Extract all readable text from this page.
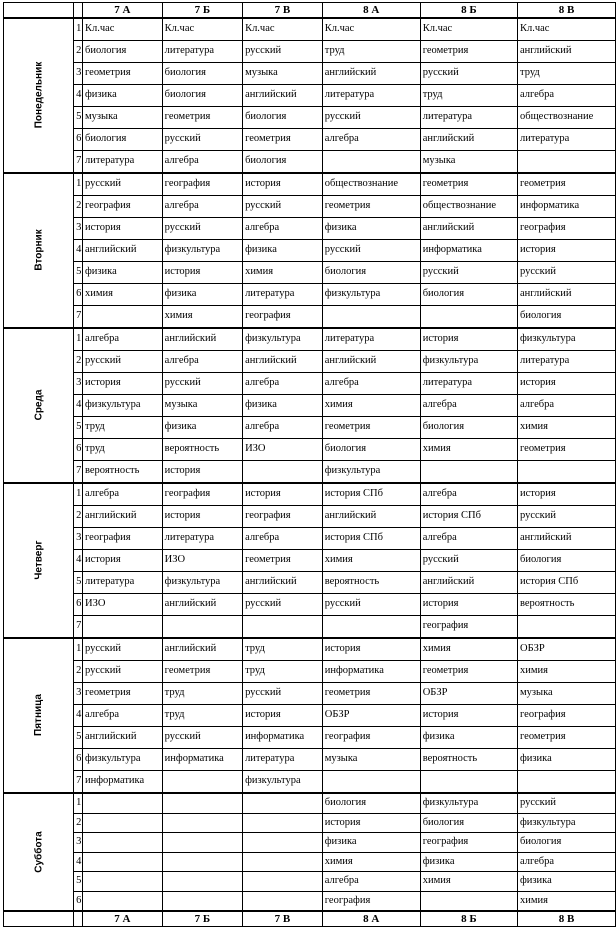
		7 А	7 Б	7 В	8 А	8 Б	8 В
Понедельник	1	Кл.час	Кл.час	Кл.час	Кл.час	Кл.час	Кл.час
	2	биология	литература	русский	труд	геометрия	английский
	3	геометрия	биология	музыка	английский	русский	труд
	4	физика	биология	английский	литература	труд	алгебра
	5	музыка	геометрия	биология	русский	литература	обществознание
	6	биология	русский	геометрия	алгебра	английский	литература
	7	литература	алгебра	биология		музыка	
Вторник	1	русский	география	история	обществознание	геометрия	геометрия
	2	география	алгебра	русский	геометрия	обществознание	информатика
	3	история	русский	алгебра	физика	английский	география
	4	английский	физкультура	физика	русский	информатика	история
	5	физика	история	химия	биология	русский	русский
	6	химия	физика	литература	физкультура	биология	английский
	7		химия	география			биология
Среда	1	алгебра	английский	физкультура	литература	история	физкультура
	2	русский	алгебра	английский	английский	физкультура	литература
	3	история	русский	алгебра	алгебра	литература	история
	4	физкультура	музыка	физика	химия	алгебра	алгебра
	5	труд	физика	алгебра	геометрия	биология	химия
	6	труд	вероятность	ИЗО	биология	химия	геометрия
	7	вероятность	история		физкультура		
Четверг	1	алгебра	география	история	история СПб	алгебра	история
	2	английский	история	география	английский	история СПб	русский
	3	география	литература	алгебра	история СПб	алгебра	английский
	4	история	ИЗО	геометрия	химия	русский	биология
	5	литература	физкультура	английский	вероятность	английский	история СПб
	6	ИЗО	английский	русский	русский	история	вероятность
	7					география	
Пятница	1	русский	английский	труд	история	химия	ОБЗР
	2	русский	геометрия	труд	информатика	геометрия	химия
	3	геометрия	труд	русский	геометрия	ОБЗР	музыка
	4	алгебра	труд	история	ОБЗР	история	география
	5	английский	русский	информатика	география	физика	геометрия
	6	физкультура	информатика	литература	музыка	вероятность	физика
	7	информатика		физкультура			
Суббота	1				биология	физкультура	русский
	2				история	биология	физкультура
	3				физика	география	биология
	4				химия	физика	алгебра
	5				алгебра	химия	физика
	6				география		химия
		7 А	7 Б	7 В	8 А	8 Б	8 В
